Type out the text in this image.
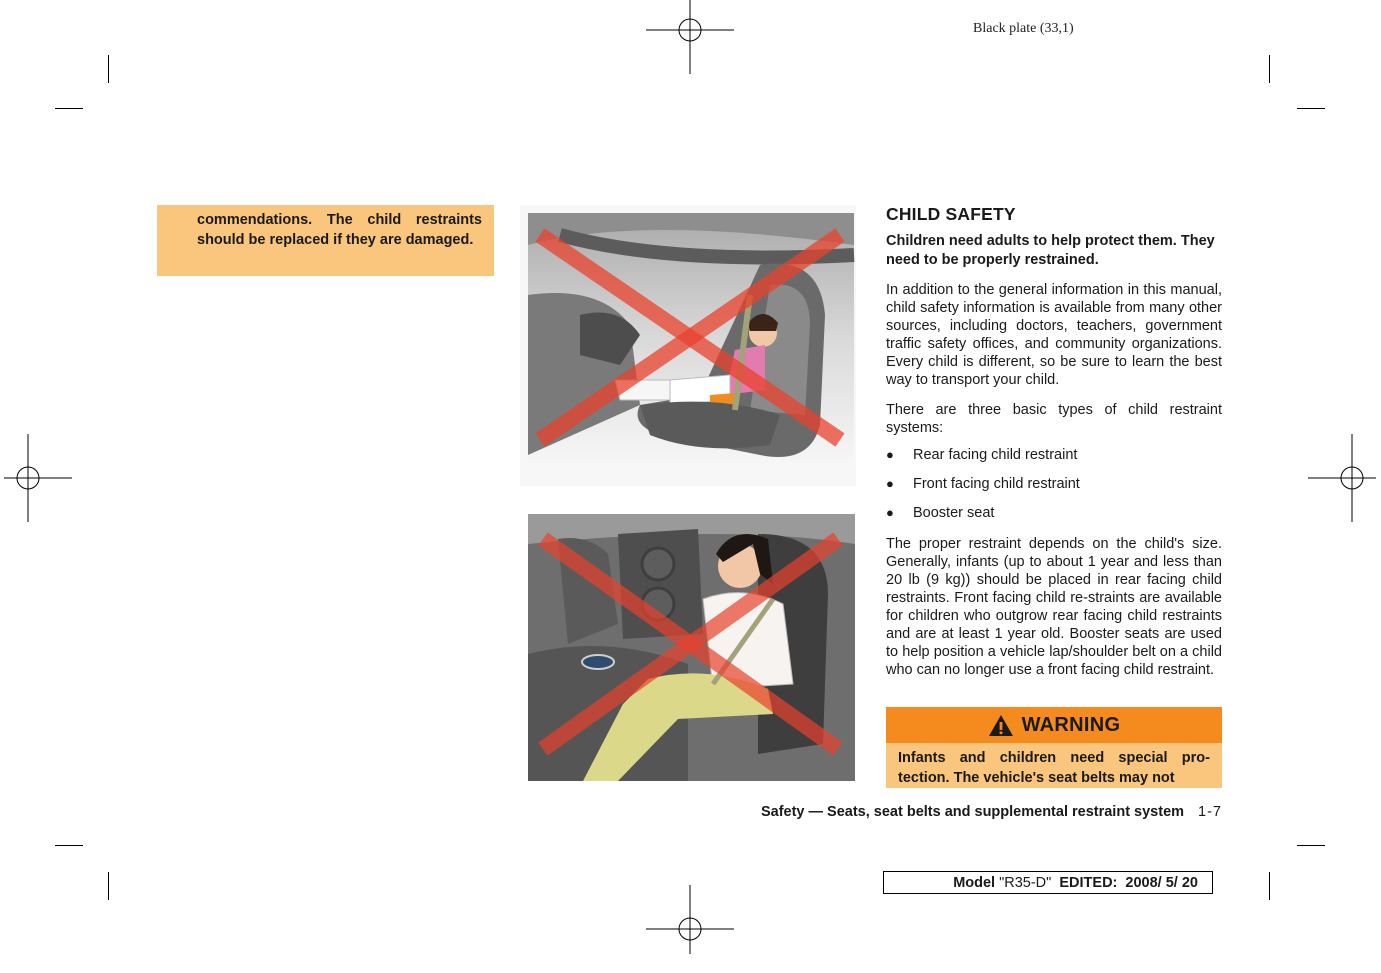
Black plate (33,1)
commendations. The child restraints should be replaced if they are damaged.
CHILD SAFETY
Children need adults to help protect them. They need to be properly restrained.
In addition to the general information in this manual, child safety information is available from many other sources, including doctors, teachers, government traffic safety offices, and community organizations. Every child is different, so be sure to learn the best way to transport your child.
There are three basic types of child restraint systems:
● Rear facing child restraint
● Front facing child restraint
● Booster seat
The proper restraint depends on the child's size. Generally, infants (up to about 1 year and less than 20 lb (9 kg)) should be placed in rear facing child restraints. Front facing child re-straints are available for children who outgrow rear facing child restraints and are at least 1 year old. Booster seats are used to help position a vehicle lap/shoulder belt on a child who can no longer use a front facing child restraint.
WARNING
Infants and children need special pro-tection. The vehicle's seat belts may not
Safety — Seats, seat belts and supplemental restraint system 1-7
Model "R35-D" EDITED:  2008/ 5/ 20
